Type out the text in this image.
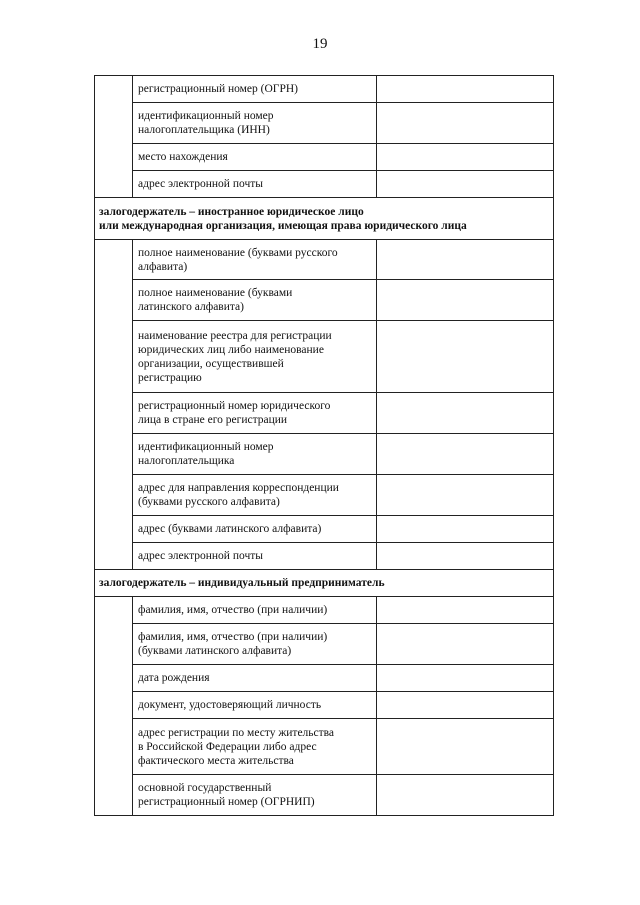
19
	регистрационный номер (ОГРН)	
	идентификационный номер
налогоплательщика (ИНН)	
	место нахождения	
	адрес электронной почты	
залогодержатель – иностранное юридическое лицо
или международная организация, имеющая права юридического лица		
	полное наименование (буквами русского
алфавита)	
	полное наименование (буквами
латинского алфавита)	
	наименование реестра для регистрации
юридических лиц либо наименование
организации, осуществившей
регистрацию	
	регистрационный номер юридического
лица в стране его регистрации	
	идентификационный номер
налогоплательщика	
	адрес для направления корреспонденции
(буквами русского алфавита)	
	адрес (буквами латинского алфавита)	
	адрес электронной почты	
залогодержатель – индивидуальный предприниматель		
	фамилия, имя, отчество (при наличии)	
	фамилия, имя, отчество (при наличии)
(буквами латинского алфавита)	
	дата рождения	
	документ, удостоверяющий личность	
	адрес регистрации по месту жительства
в Российской Федерации либо адрес
фактического места жительства	
	основной государственный
регистрационный номер (ОГРНИП)	
